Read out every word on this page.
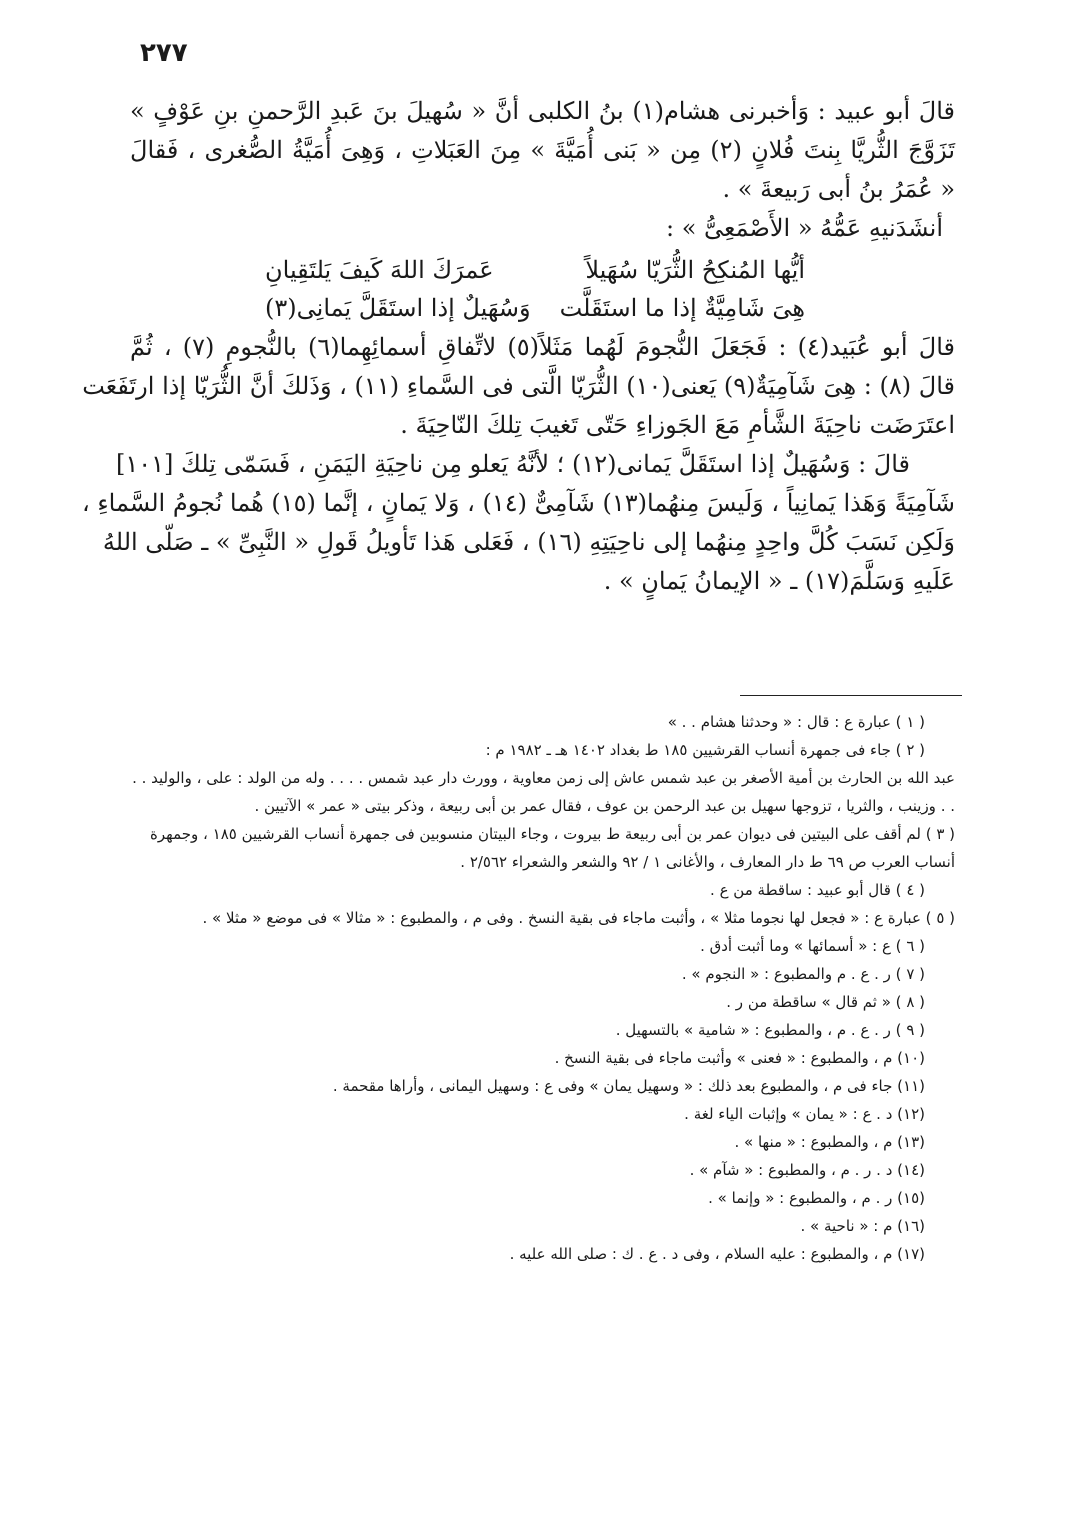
٢٧٧
قالَ أبو عبيد : وَأخبرنى هشام(١) بنُ الكلبى أنَّ « سُهيلَ بنَ عَبدِ الرَّحمنِ بنِ عَوْفٍ »
تَزَوَّجَ الثُّريَّا بِنتَ فُلانٍ (٢) مِن « بَنى أُمَيَّةَ » مِنَ العَبَلاتِ ، وَهِىَ أُمَيَّةُ الصُّغرى ، فَقالَ
« عُمَرُ بنُ أبى رَبيعةَ » .
أنشَدَنيهِ عَمُّهُ « الأَصْمَعِىُّ » :
أيُّها المُنكِحُ الثُّرَيّا سُهَيلاً
عَمرَكَ اللهَ كَيفَ يَلتَقِيانِ
هِىَ شَامِيَّةٌ إذا ما استَقَلَّت
وَسُهَيلٌ إذا استَقَلَّ يَمانِى(٣)
قالَ أبو عُبَيد(٤) : فَجَعَلَ النُّجومَ لَهُما مَثَلاً(٥) لاتِّفاقِ أسمائِهِما(٦) بالنُّجومِ (٧) ، ثُمَّ
قالَ (٨) : هِىَ شَآمِيَةٌ(٩) يَعنى(١٠) الثُّرَيّا الَّتى فى السَّماءِ (١١) ، وَذَلكَ أنَّ الثُّرَيّا إذا ارتَفَعَت
اعتَرَضَت ناحِيَةَ الشَّأمِ مَعَ الجَوزاءِ حَتّى تَغيبَ تِلكَ النّاحِيَةَ .
قالَ : وَسُهَيلٌ إذا استَقَلَّ يَمانى(١٢) ؛ لأنَّهُ يَعلو مِن ناحِيَةِ اليَمَنِ ، فَسَمّى تِلكَ [١٠١]
شَآمِيَةً وَهَذا يَمانِياً ، وَلَيسَ مِنهُما(١٣) شَآمِىٌّ (١٤) ، وَلا يَمانٍ ، إنَّما (١٥) هُما نُجومُ السَّماءِ ،
وَلَكِن نَسَبَ كُلَّ واحِدٍ مِنهُما إلى ناحِيَتِهِ (١٦) ، فَعَلى هَذا تَأويلُ قَولِ « النَّبِىِّ » ـ صَلّى اللهُ
عَلَيهِ وَسَلَّمَ(١٧) ـ « الإيمانُ يَمانٍ » .
( ١ ) عبارة ع : قال : « وحدثنا هشام . . »
( ٢ ) جاء فى جمهرة أنساب القرشيين ١٨٥ ط بغداد ١٤٠٢ هـ ـ ١٩٨٢ م :
عبد الله بن الحارث بن أمية الأصغر بن عبد شمس عاش إلى زمن معاوية ، وورث دار عبد شمس . . . . وله من الولد : على ، والوليد . . . . وزينب ، والثريا ، تزوجها سهيل بن عبد الرحمن بن عوف ، فقال عمر بن أبى ربيعة ، وذكر بيتى « عمر » الآتيين .
( ٣ ) لم أقف على البيتين فى ديوان عمر بن أبى ربيعة ط بيروت ، وجاء البيتان منسوبين فى جمهرة أنساب القرشيين ١٨٥ ، وجمهرة أنساب العرب ص ٦٩ ط دار المعارف ، والأغانى ١ / ٩٢ والشعر والشعراء ٢/٥٦٢ .
( ٤ ) قال أبو عبيد : ساقطة من ع .
( ٥ ) عبارة ع : « فجعل لها نجوما مثلا » ، وأثبت ماجاء فى بقية النسخ . وفى م ، والمطبوع : « مثالا » فى موضع « مثلا » .
( ٦ ) ع : « أسمائها » وما أثبت أدق .
( ٧ ) ر . ع . م والمطبوع : « النجوم » .
( ٨ ) « ثم قال » ساقطة من ر .
( ٩ ) ر . ع . م ، والمطبوع : « شامية » بالتسهيل .
(١٠) م ، والمطبوع : « فعنى » وأثبت ماجاء فى بقية النسخ .
(١١) جاء فى م ، والمطبوع بعد ذلك : « وسهيل يمان » وفى ع : وسهيل اليمانى ، وأراها مقحمة .
(١٢) د . ع : « يمان » وإثبات الياء لغة .
(١٣) م ، والمطبوع : « منها » .
(١٤) د . ر . م ، والمطبوع : « شآم » .
(١٥) ر . م ، والمطبوع : « وإنما » .
(١٦) م : « ناحية » .
(١٧) م ، والمطبوع : عليه السلام ، وفى د . ع . ك : صلى الله عليه .
